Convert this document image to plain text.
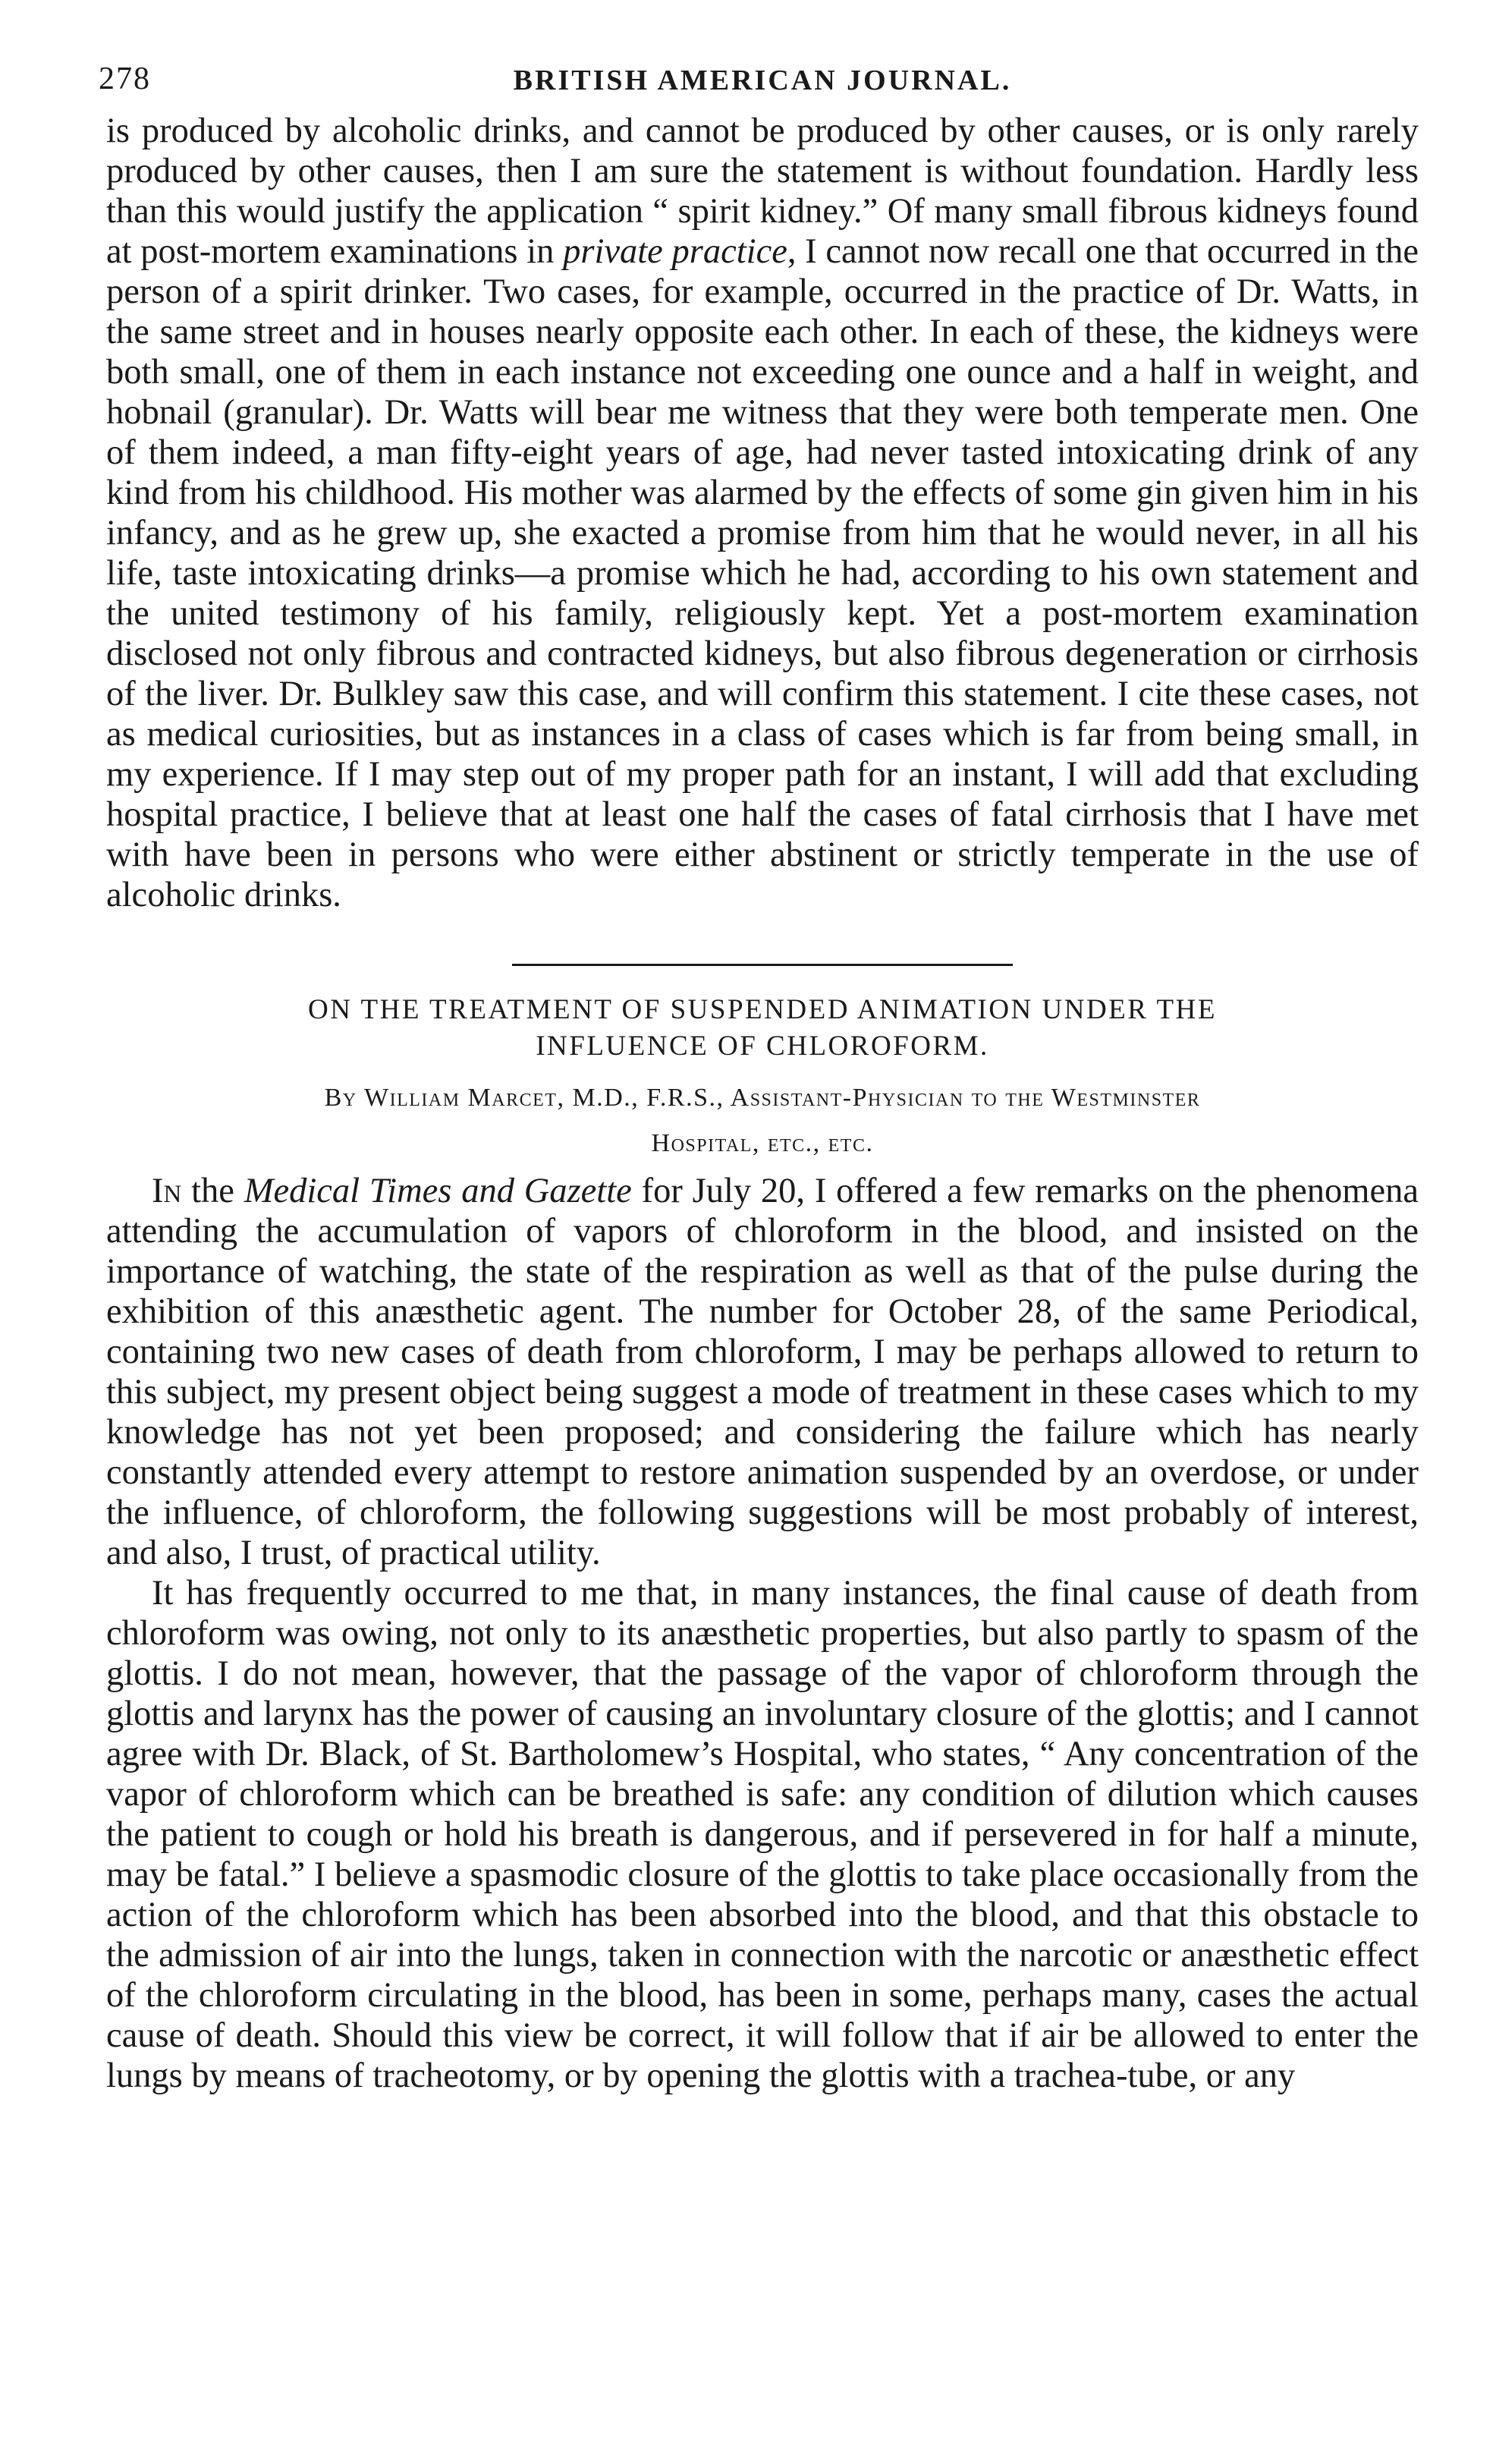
278	BRITISH AMERICAN JOURNAL.

is produced by alcoholic drinks, and cannot be produced by other causes, or is only rarely produced by other causes, then I am sure the statement is without foundation. Hardly less than this would justify the application “ spirit kidney.” Of many small fibrous kidneys found at post-mortem examinations in private practice, I cannot now recall one that occurred in the person of a spirit drinker. Two cases, for example, occurred in the practice of Dr. Watts, in the same street and in houses nearly opposite each other. In each of these, the kidneys were both small, one of them in each instance not exceeding one ounce and a half in weight, and hobnail (granular). Dr. Watts will bear me witness that they were both temperate men. One of them indeed, a man fifty-eight years of age, had never tasted intoxicating drink of any kind from his childhood. His mother was alarmed by the effects of some gin given him in his infancy, and as he grew up, she exacted a promise from him that he would never, in all his life, taste intoxicating drinks—a promise which he had, according to his own statement and the united testimony of his family, religiously kept. Yet a post-mortem examination disclosed not only fibrous and contracted kidneys, but also fibrous degeneration or cirrhosis of the liver. Dr. Bulkley saw this case, and will confirm this statement. I cite these cases, not as medical curiosities, but as instances in a class of cases which is far from being small, in my experience. If I may step out of my proper path for an instant, I will add that excluding hospital practice, I believe that at least one half the cases of fatal cirrhosis that I have met with have been in persons who were either abstinent or strictly temperate in the use of alcoholic drinks.

ON THE TREATMENT OF SUSPENDED ANIMATION UNDER THE
INFLUENCE OF CHLOROFORM.
By William Marcet, M.D., F.R.S., Assistant-Physician to the Westminster
Hospital, etc., etc.

In the Medical Times and Gazette for July 20, I offered a few remarks on the phenomena attending the accumulation of vapors of chloroform in the blood, and insisted on the importance of watching, the state of the respiration as well as that of the pulse during the exhibition of this anæsthetic agent. The number for October 28, of the same Periodical, containing two new cases of death from chloroform, I may be perhaps allowed to return to this subject, my present object being suggest a mode of treatment in these cases which to my knowledge has not yet been proposed; and considering the failure which has nearly constantly attended every attempt to restore animation suspended by an overdose, or under the influence, of chloroform, the following suggestions will be most probably of interest, and also, I trust, of practical utility.

It has frequently occurred to me that, in many instances, the final cause of death from chloroform was owing, not only to its anæsthetic properties, but also partly to spasm of the glottis. I do not mean, however, that the passage of the vapor of chloroform through the glottis and larynx has the power of causing an involuntary closure of the glottis; and I cannot agree with Dr. Black, of St. Bartholomew’s Hospital, who states, “ Any concentration of the vapor of chloroform which can be breathed is safe: any condition of dilution which causes the patient to cough or hold his breath is dangerous, and if persevered in for half a minute, may be fatal.” I believe a spasmodic closure of the glottis to take place occasionally from the action of the chloroform which has been absorbed into the blood, and that this obstacle to the admission of air into the lungs, taken in connection with the narcotic or anæsthetic effect of the chloroform circulating in the blood, has been in some, perhaps many, cases the actual cause of death. Should this view be correct, it will follow that if air be allowed to enter the lungs by means of tracheotomy, or by opening the glottis with a trachea-tube, or any
